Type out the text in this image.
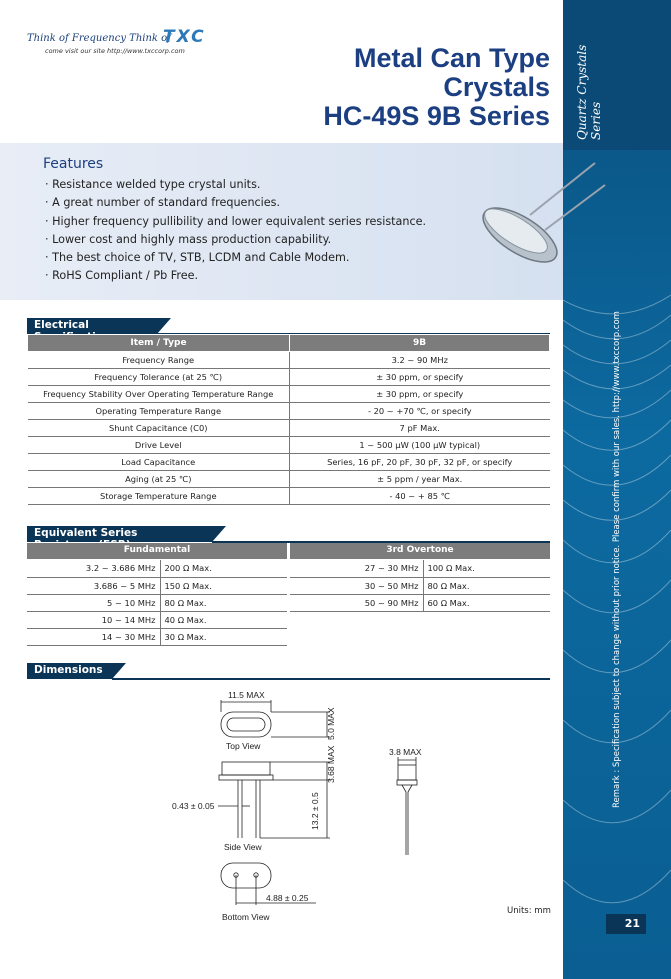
Quartz Crystals Series
Remark : Specification subject to change without prior notice. Please confirm with our sales. http://www.txccorp.com
21
Think of Frequency Think of
TXC
come visit our site http://www.txccorp.com	Metal Can Type
Crystals
HC-49S 9B Series
Features
· Resistance welded type crystal units.
· A great number of standard frequencies.
· Higher frequency pullibility and lower equivalent series resistance.
· Lower cost and highly mass production capability.
· The best choice of TV, STB, LCDM and Cable Modem.
· RoHS Compliant / Pb Free.
Electrical
Item / Type	9B
Frequency Range	3.2 ~ 90 MHz
Frequency Tolerance (at 25 ℃)	± 30 ppm, or specify
Frequency Stability Over Operating Temperature Range	± 30 ppm, or specify
Operating Temperature Range	- 20 ~ +70 ℃, or specify
Shunt Capacitance (C0)	7 pF Max.
Drive Level	1 ~ 500 µW (100 µW typical)
Load Capacitance	Series, 16 pF, 20 pF, 30 pF, 32 pF, or specify
Aging (at 25 ℃)	± 5 ppm / year Max.
Storage Temperature Range	- 40 ~ + 85 ℃
Equivalent Series
Fundamental	3rd Overtone
3.2 ~ 3.686 MHz	200 Ω Max.
3.686 ~ 5 MHz	150 Ω Max.
5 ~ 10 MHz	80 Ω Max.
10 ~ 14 MHz	40 Ω Max.
14 ~ 30 MHz	30 Ω Max.
27 ~ 30 MHz	100 Ω Max.
30 ~ 50 MHz	80 Ω Max.
50 ~ 90 MHz	60 Ω Max.
Dimensions
11.5 MAX
5.0 MAX
Top View	3.68 MAX
13.2 ± 0.5
0.43 ± 0.05
Side View
3.8 MAX
4.88 ± 0.25
Bottom View
Units: mm
